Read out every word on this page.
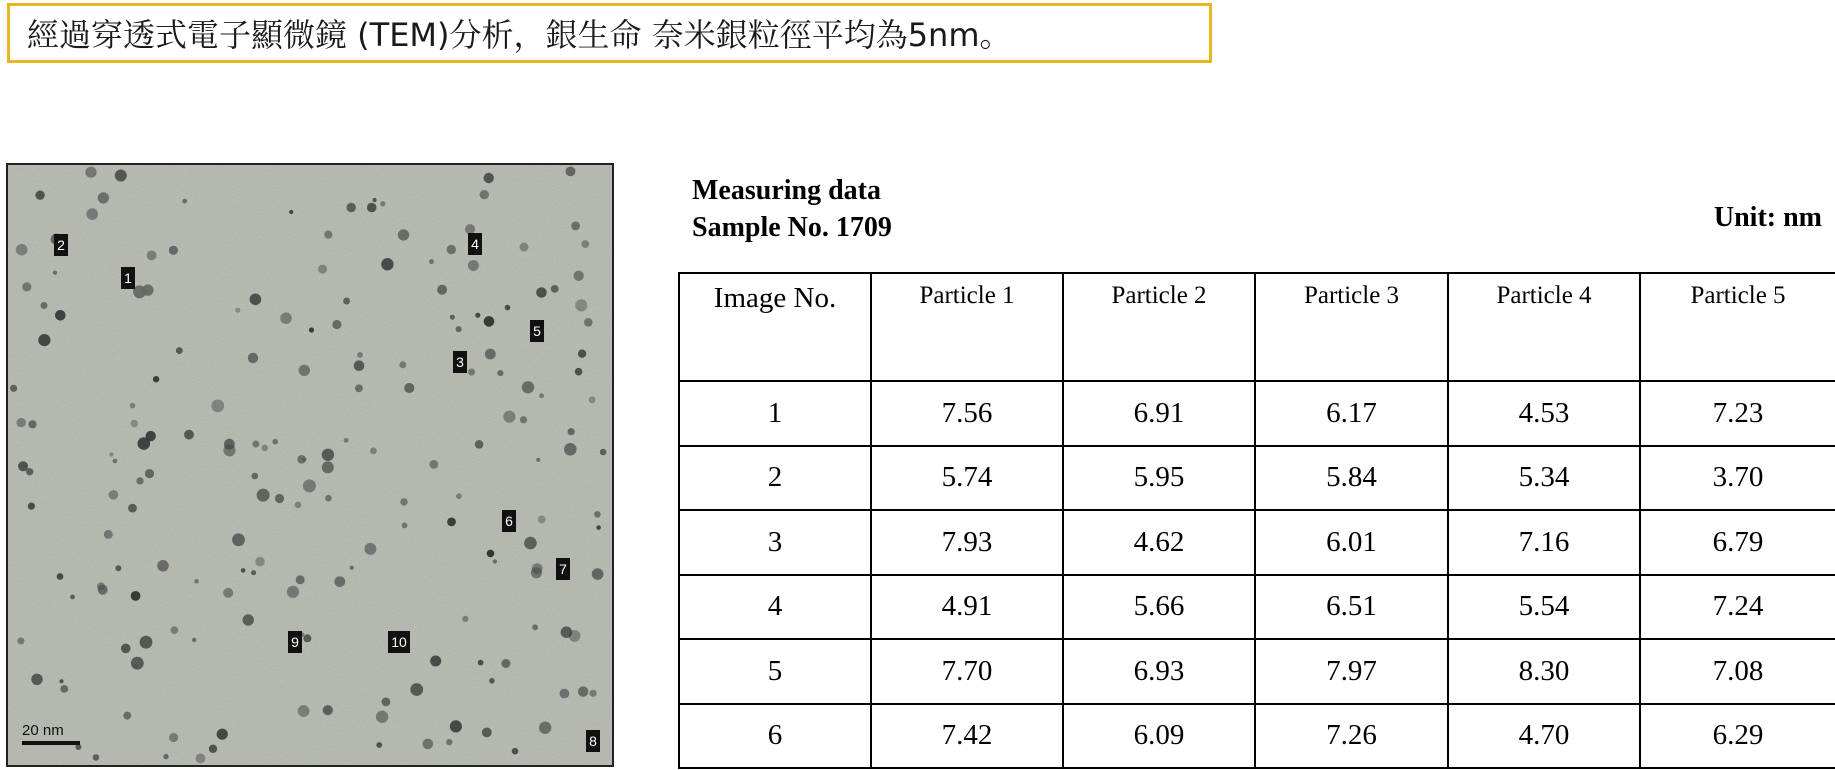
經過穿透式電子顯微鏡 (TEM)分析，銀生命 奈米銀粒徑平均為5nm。
1
2
3
4
5
6
7
8
9	10
20 nm
Measuring data
Sample No. 1709	Unit: nm
Image No.	Particle 1	Particle 2	Particle 3	Particle 4	Particle 5
1	7.56	6.91	6.17	4.53	7.23
2	5.74	5.95	5.84	5.34	3.70
3	7.93	4.62	6.01	7.16	6.79
4	4.91	5.66	6.51	5.54	7.24
5	7.70	6.93	7.97	8.30	7.08
6	7.42	6.09	7.26	4.70	6.29
